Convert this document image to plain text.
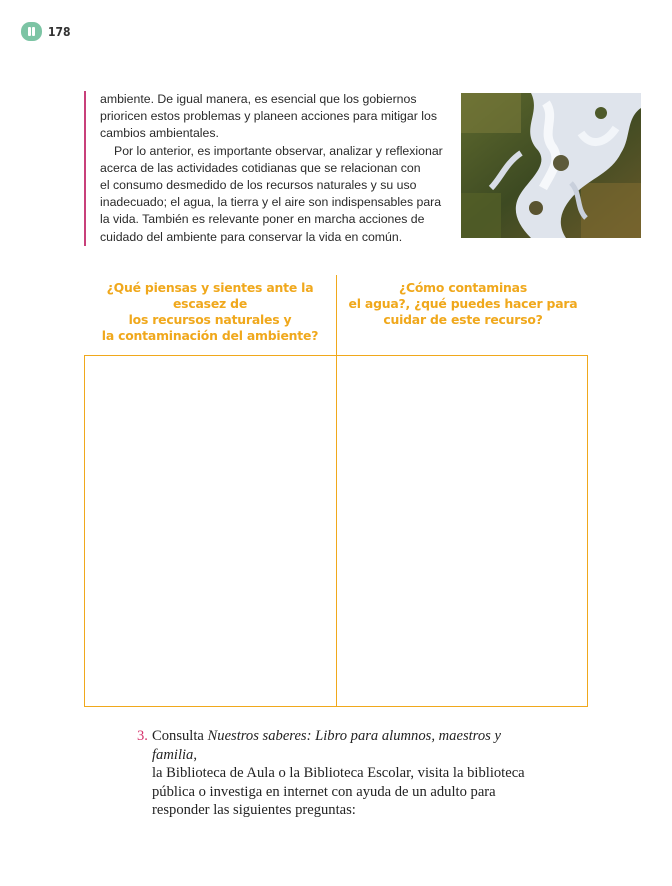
178

ambiente. De igual manera, es esencial que los gobiernos
prioricen estos problemas y planeen acciones para mitigar los
cambios ambientales.

Por lo anterior, es importante observar, analizar y reflexionar
acerca de las actividades cotidianas que se relacionan con
el consumo desmedido de los recursos naturales y su uso
inadecuado; el agua, la tierra y el aire son indispensables para
la vida. También es relevante poner en marcha acciones de
cuidado del ambiente para conservar la vida en común.

¿Qué piensas y sientes ante la escasez de
los recursos naturales y
la contaminación del ambiente?
¿Cómo contaminas
el agua?, ¿qué puedes hacer para
cuidar de este recurso?
3. Consulta Nuestros saberes: Libro para alumnos, maestros y familia,
la Biblioteca de Aula o la Biblioteca Escolar, visita la biblioteca
pública o investiga en internet con ayuda de un adulto para
responder las siguientes preguntas:
